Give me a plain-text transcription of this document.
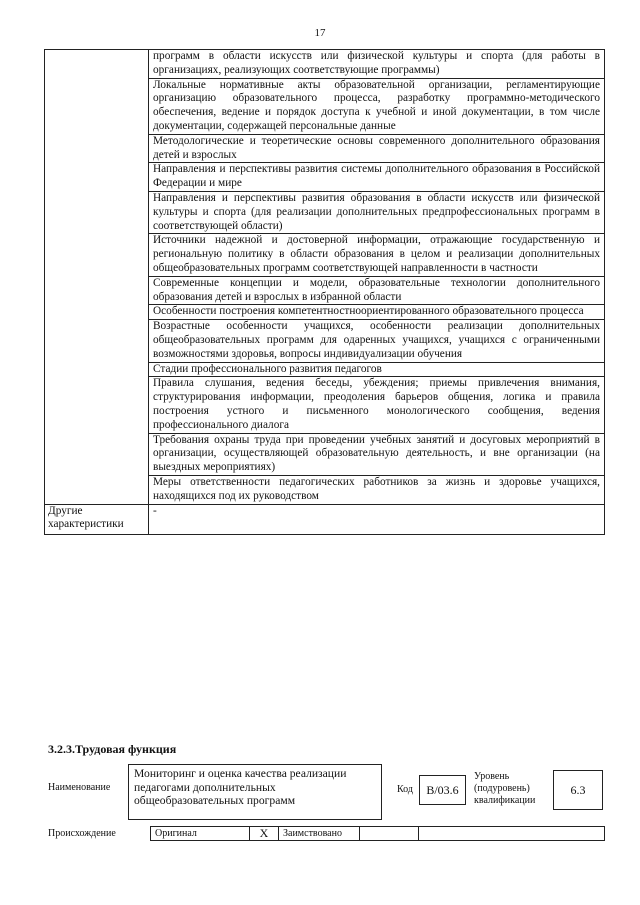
17
	программ в области искусств или физической культуры и спорта (для работы в организациях, реализующих соответствующие программы)
	Локальные нормативные акты образовательной организации, регламентирующие организацию образовательного процесса, разработку программно-методического обеспечения, ведение и порядок доступа к учебной и иной документации, в том числе документации, содержащей персональные данные
	Методологические и теоретические основы современного дополнительного образования детей и взрослых
	Направления и перспективы развития системы дополнительного образования в Российской Федерации и мире
	Направления и перспективы развития образования в области искусств или физической культуры и спорта (для реализации дополнительных предпрофессиональных программ в соответствующей области)
	Источники надежной и достоверной информации, отражающие государственную и региональную политику в области образования в целом и реализации дополнительных общеобразовательных программ соответствующей направленности в частности
	Современные концепции и модели, образовательные технологии дополнительного образования детей и взрослых в избранной области
	Особенности построения компетентностноориентированного образовательного процесса
	Возрастные особенности учащихся, особенности реализации дополнительных общеобразовательных программ для одаренных учащихся, учащихся с ограниченными возможностями здоровья, вопросы индивидуализации обучения
	Стадии профессионального развития педагогов
	Правила слушания, ведения беседы, убеждения; приемы привлечения внимания, структурирования информации, преодоления барьеров общения, логика и правила построения устного и письменного монологического сообщения, ведения профессионального диалога
	Требования охраны труда при проведении учебных занятий и досуговых мероприятий в организации, осуществляющей образовательную деятельность, и вне организации (на выездных мероприятиях)
	Меры ответственности педагогических работников за жизнь и здоровье учащихся, находящихся под их руководством
Другие характеристики	-
3.2.3.Трудовая функция
Наименование
Мониторинг и оценка качества реализации педагогами дополнительных общеобразовательных программ
Код	B/03.6
Уровень (подуровень) квалификации
6.3
Происхождение	Оригинал	X	Заимствовано
